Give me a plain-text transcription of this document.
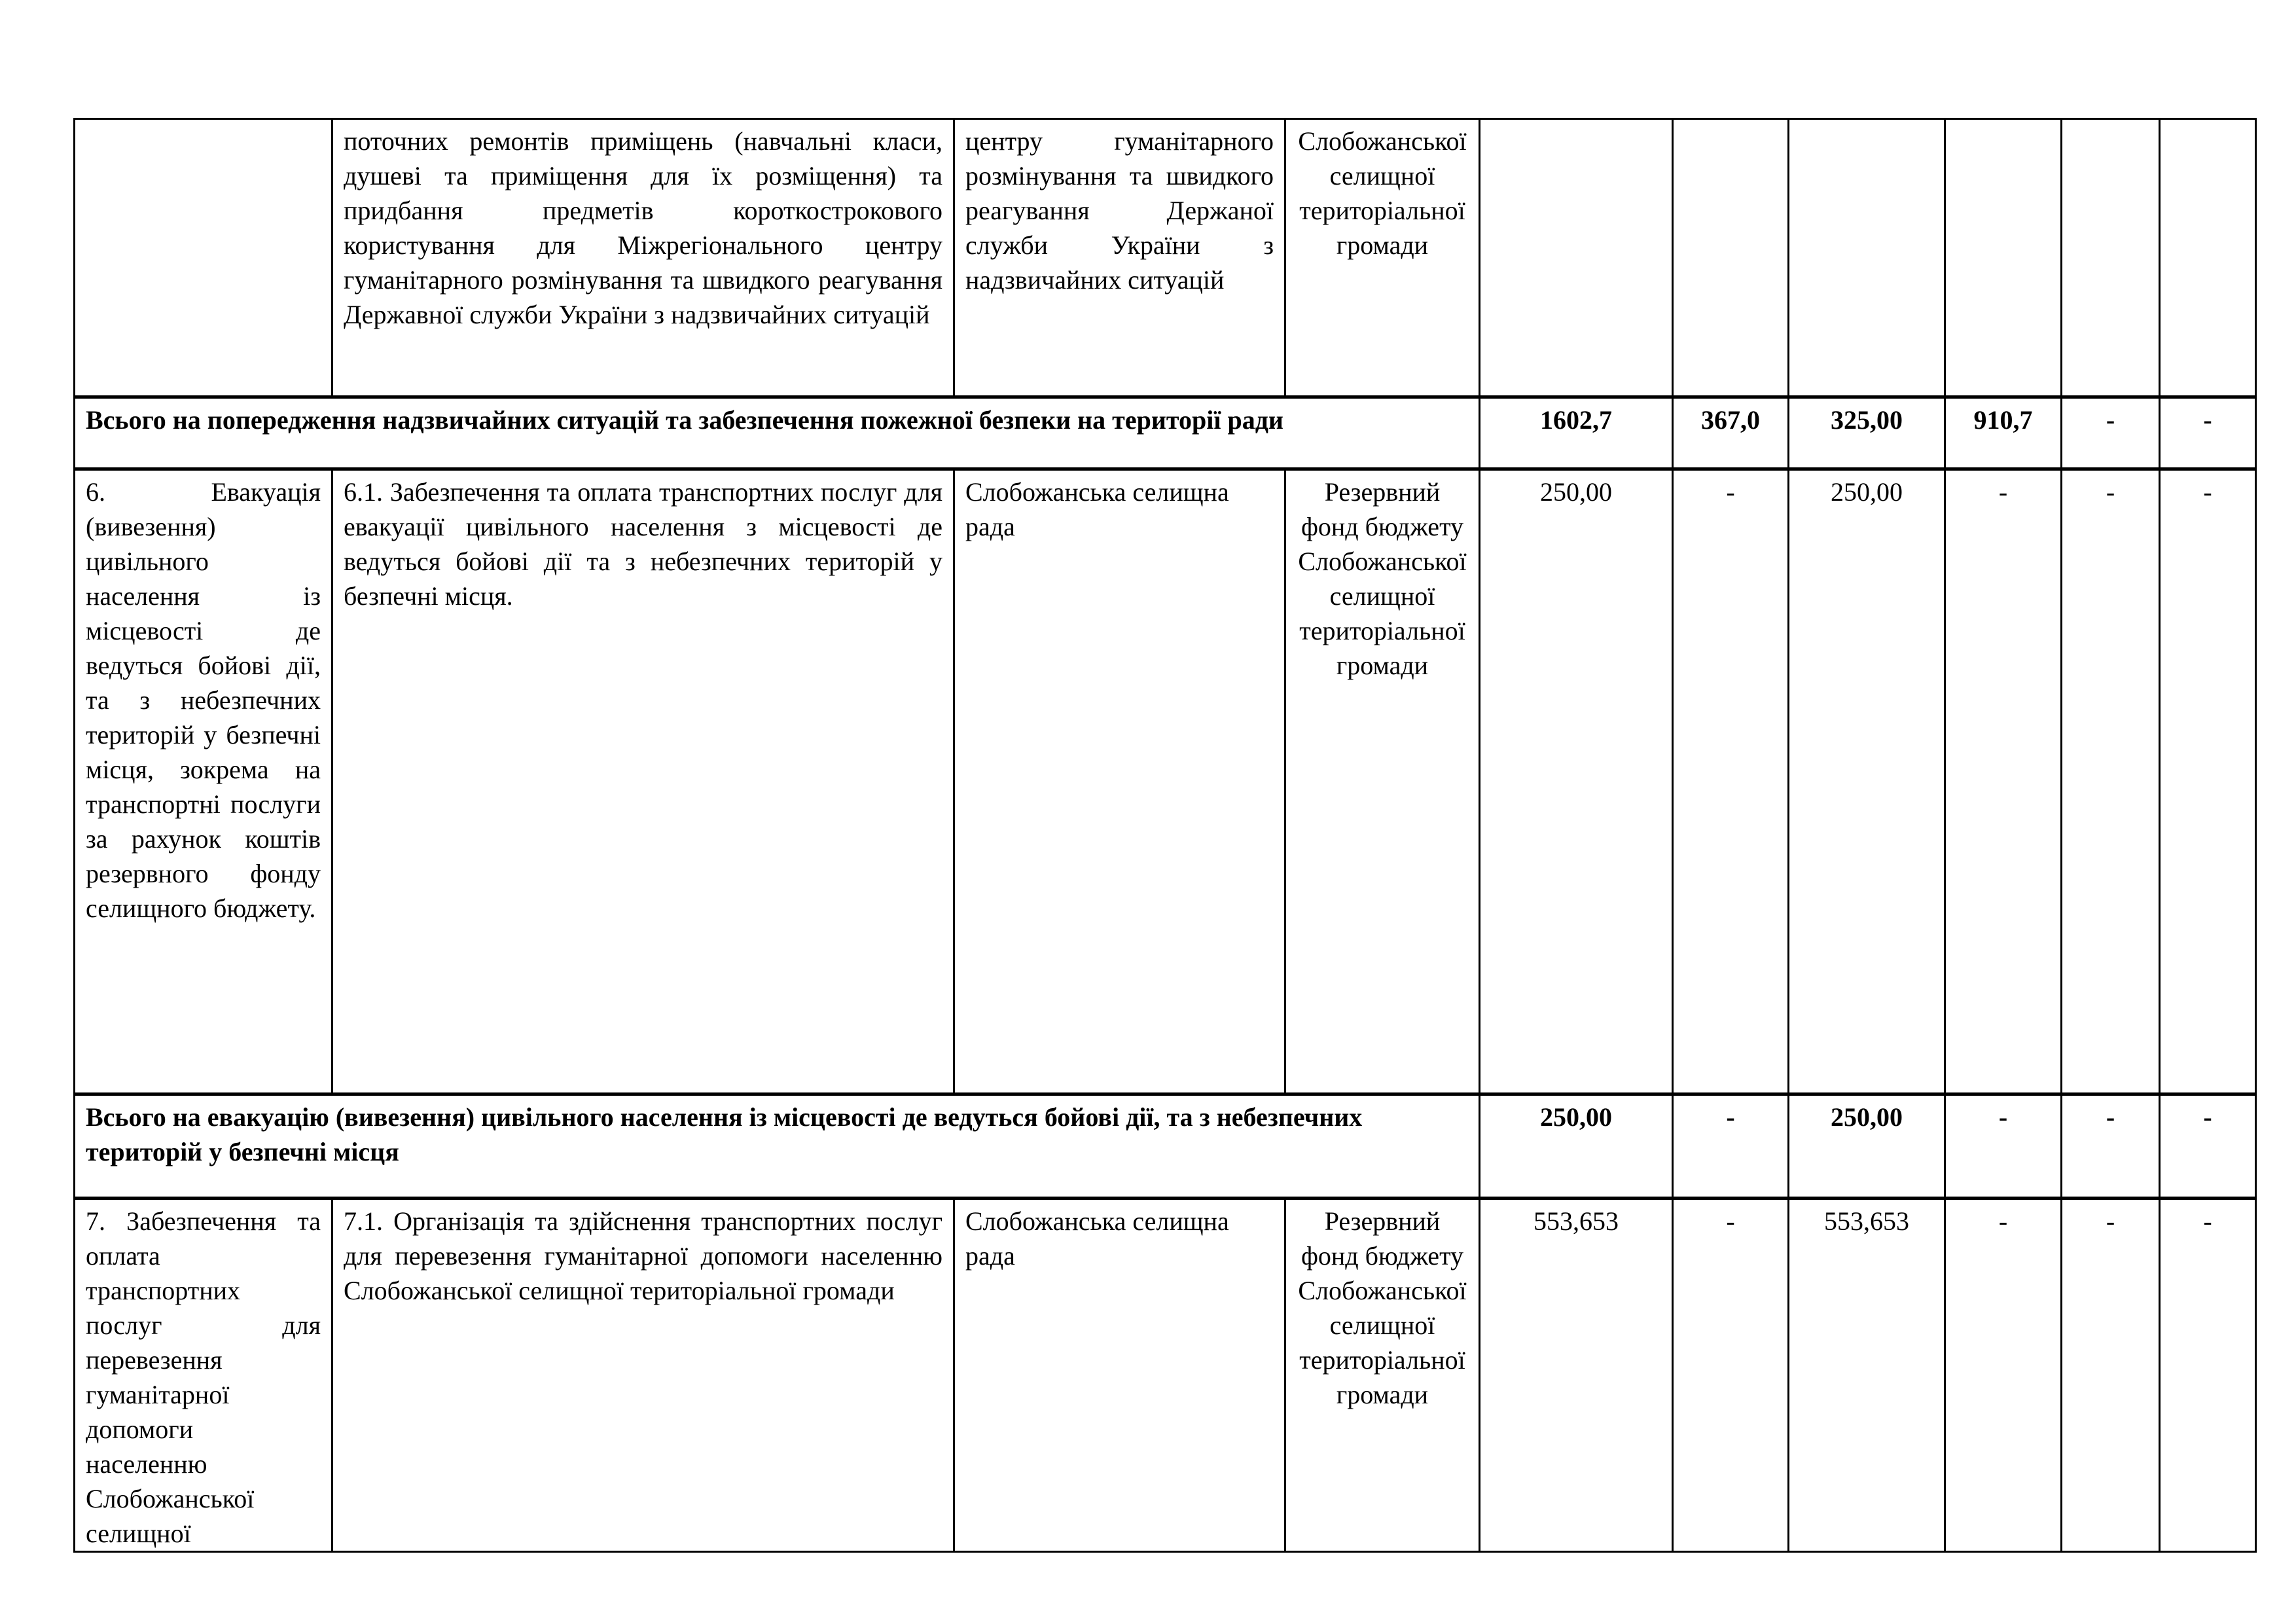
	поточних ремонтів приміщень (навчальні класи, душеві та приміщення для їх розміщення) та придбання предметів короткострокового користування для Міжрегіонального центру гуманітарного розмінування та швидкого реагування Державної служби України з надзвичайних ситуацій	центру гуманітарного розмінування та швидкого реагування Держаної служби України з надзвичайних ситуацій	Слобожанської селищної територіальної громади						
Всього на попередження надзвичайних ситуацій та забезпечення пожежної безпеки на території ради				1602,7	367,0	325,00	910,7	-	-
6. Евакуація (вивезення) цивільного населення із місцевості де ведуться бойові дії, та з небезпечних територій у безпечні місця, зокрема на транспортні послуги за рахунок коштів резервного фонду селищного бюджету.	6.1. Забезпечення та оплата транспортних послуг для евакуації цивільного населення з місцевості де ведуться бойові дії та з небезпечних територій у безпечні місця.	Слобожанська селищна рада	Резервний фонд бюджету Слобожанської селищної територіальної громади	250,00	-	250,00	-	-	-
Всього на евакуацію (вивезення) цивільного населення із місцевості де ведуться бойові дії, та з небезпечних територій у безпечні місця				250,00	-	250,00	-	-	-
7. Забезпечення та оплата транспортних послуг для перевезення гуманітарної допомоги населенню Слобожанської селищної	7.1. Організація та здійснення транспортних послуг для перевезення гуманітарної допомоги населенню Слобожанської селищної територіальної громади	Слобожанська селищна рада	Резервний фонд бюджету Слобожанської селищної територіальної громади	553,653	-	553,653	-	-	-
